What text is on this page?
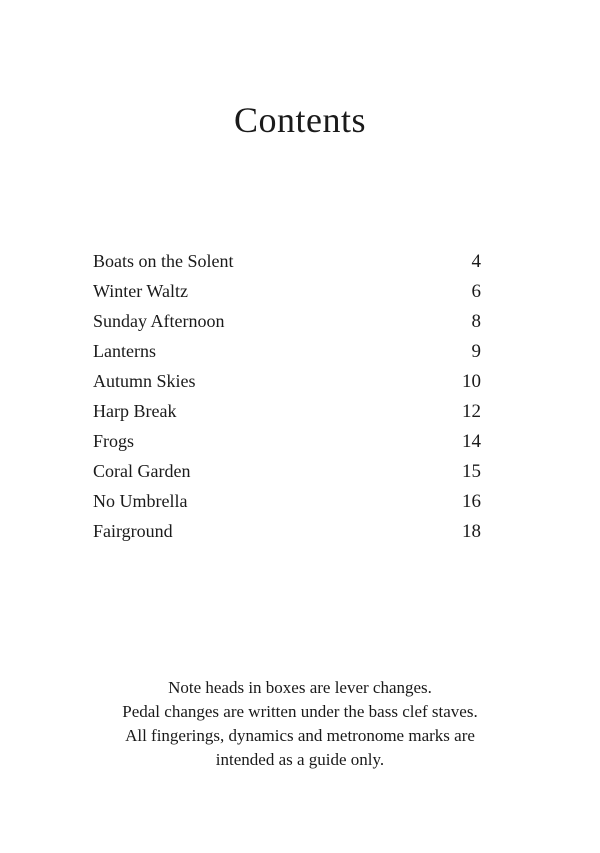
Contents
Boats on the Solent	4
Winter Waltz	6
Sunday Afternoon	8
Lanterns	9
Autumn Skies	10
Harp Break	12
Frogs	14
Coral Garden	15
No Umbrella	16
Fairground	18

Note heads in boxes are lever changes.

Pedal changes are written under the bass clef staves.

All fingerings, dynamics and metronome marks are

intended as a guide only.
